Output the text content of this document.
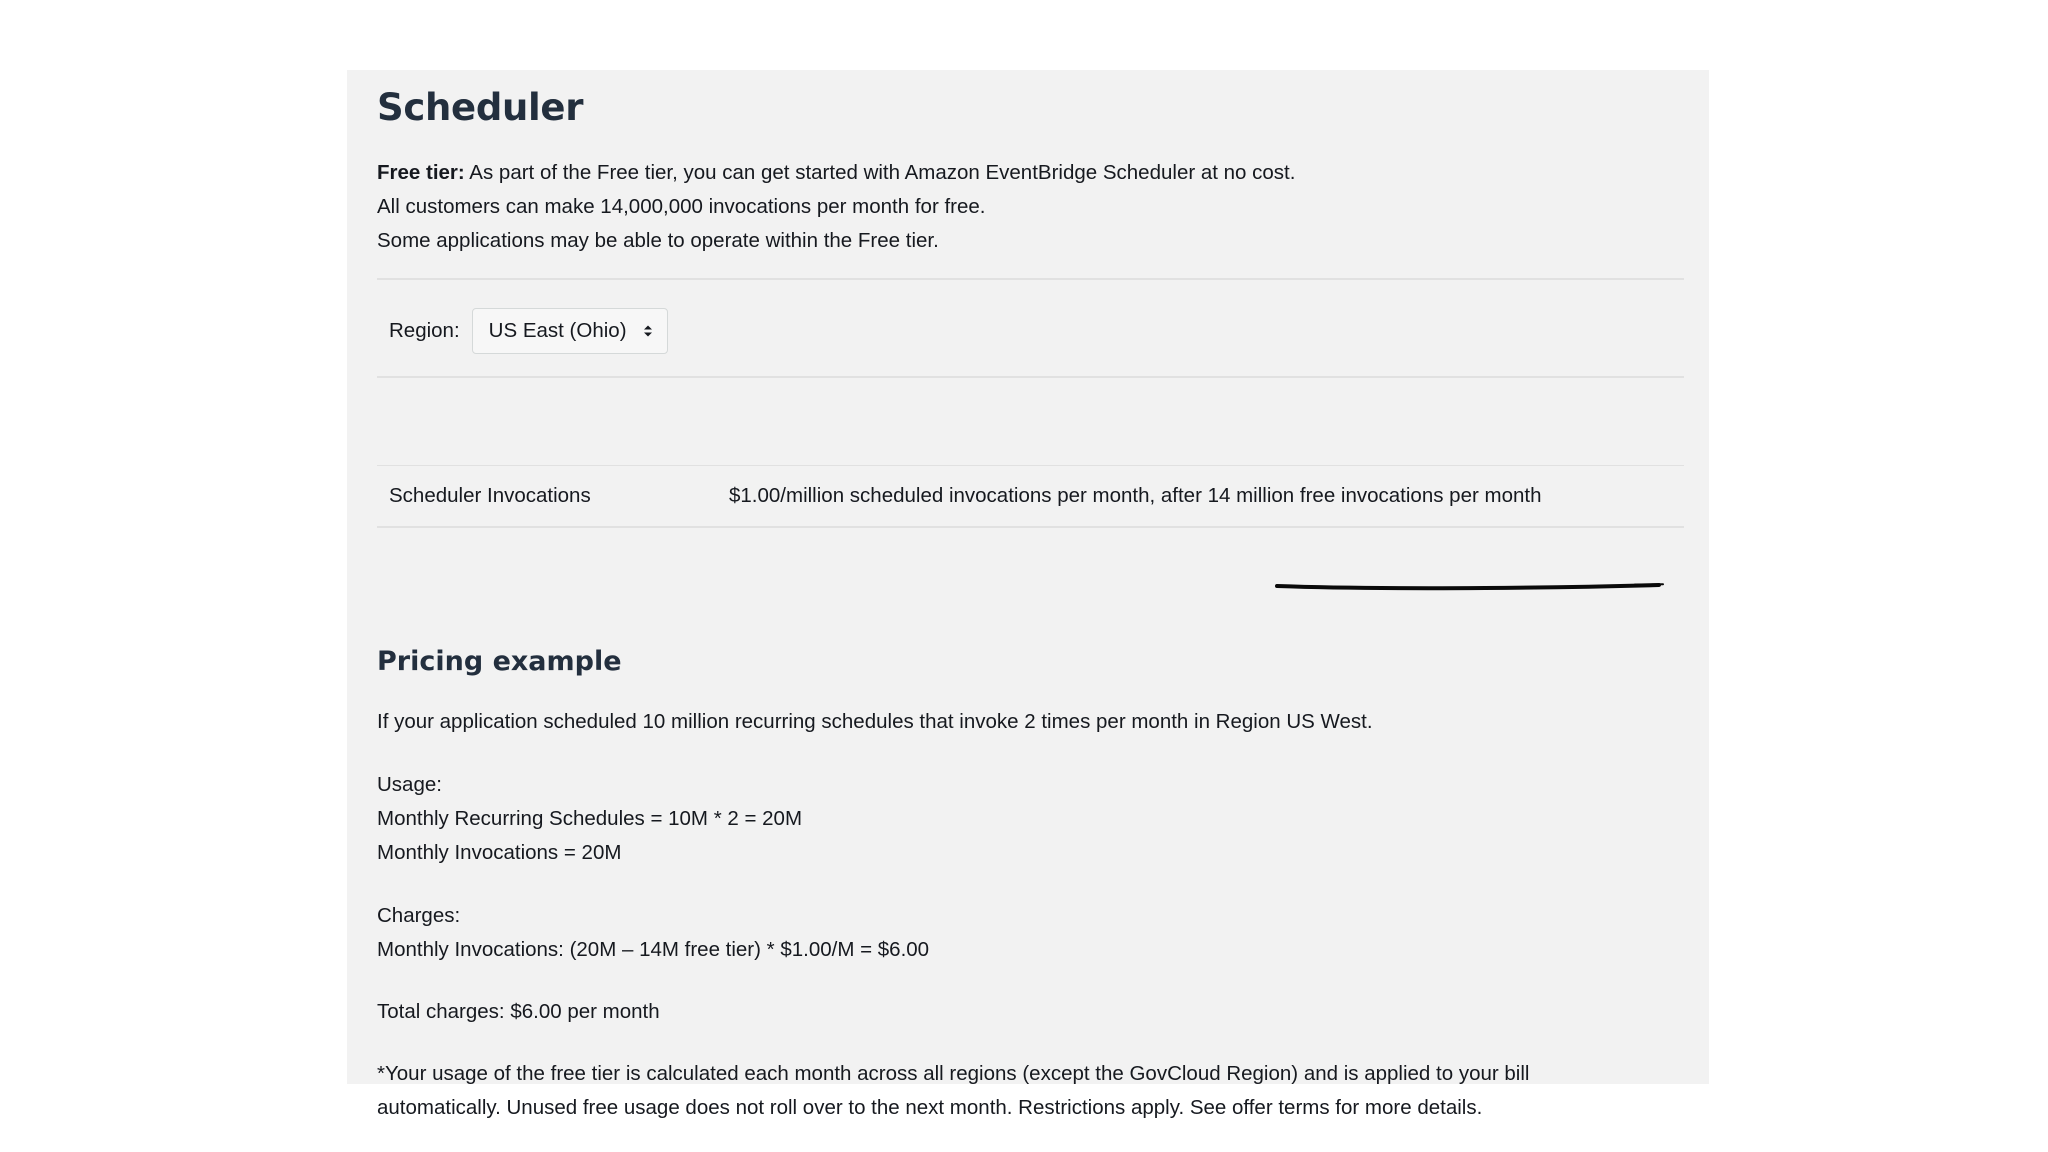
Scheduler
Free tier: As part of the Free tier, you can get started with Amazon EventBridge Scheduler at no cost.
All customers can make 14,000,000 invocations per month for free.
Some applications may be able to operate within the Free tier.
Region: US East (Ohio)
Scheduler Invocations	$1.00/million scheduled invocations per month, after 14 million free invocations per month
Pricing example

If your application scheduled 10 million recurring schedules that invoke 2 times per month in Region US West.

Usage:
Monthly Recurring Schedules = 10M * 2 = 20M
Monthly Invocations = 20M
Charges:
Monthly Invocations: (20M – 14M free tier) * $1.00/M = $6.00

Total charges: $6.00 per month

*Your usage of the free tier is calculated each month across all regions (except the GovCloud Region) and is applied to your bill
automatically. Unused free usage does not roll over to the next month. Restrictions apply. See offer terms for more details.
